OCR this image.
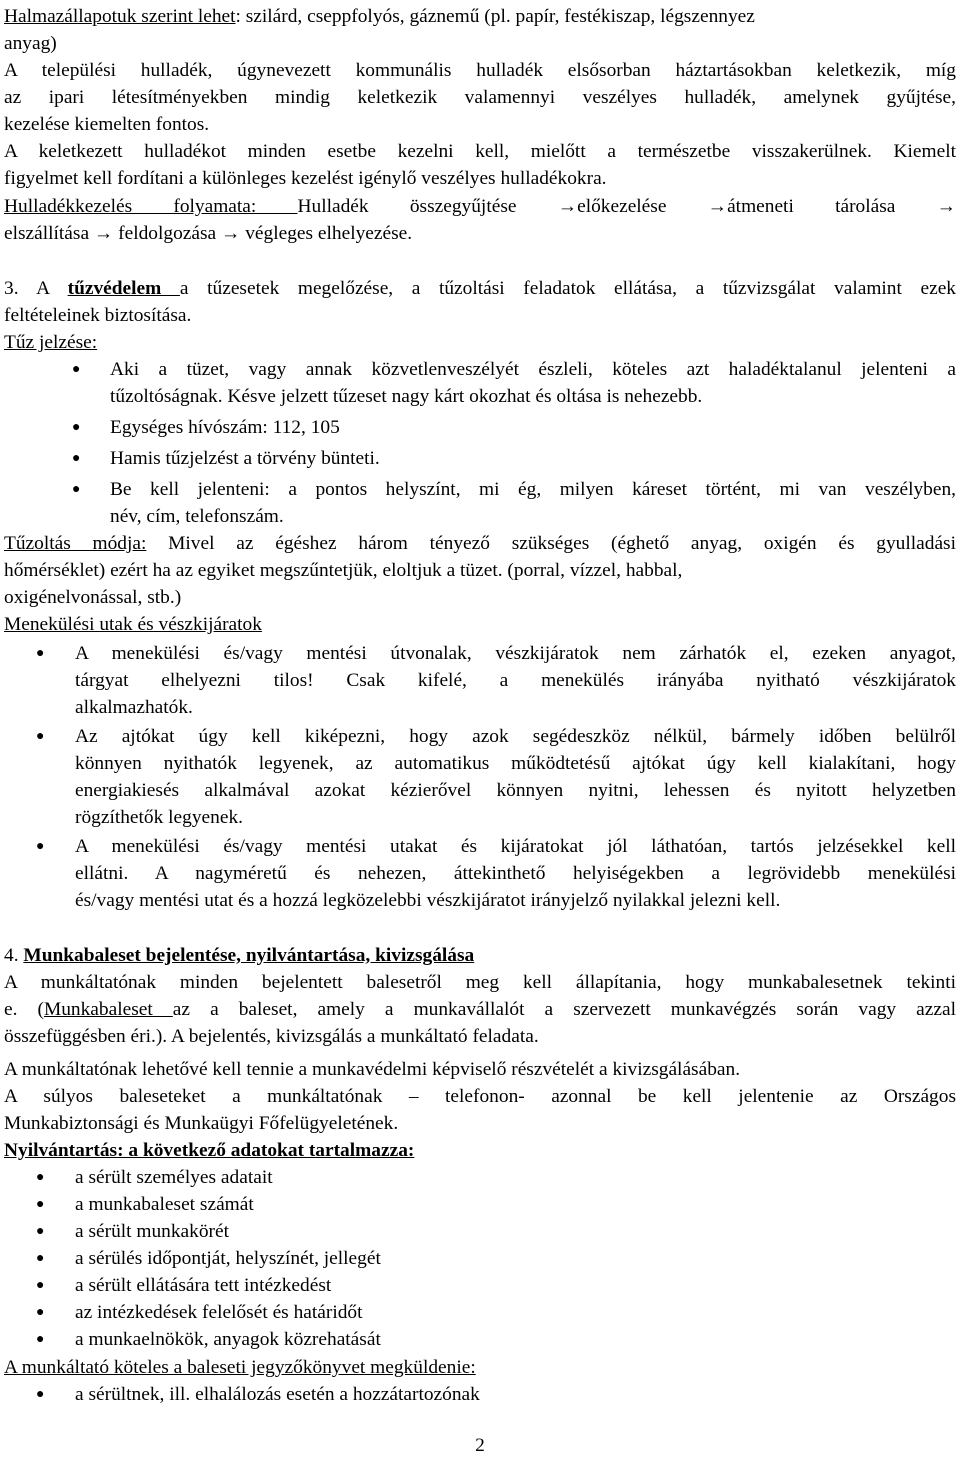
Halmazállapotuk szerint lehet: szilárd, cseppfolyós, gáznemű (pl. papír, festékiszap, légszennyez
anyag)
A települési hulladék, úgynevezett kommunális hulladék elsősorban háztartásokban keletkezik, míg
az ipari létesítményekben mindig keletkezik valamennyi veszélyes hulladék, amelynek gyűjtése,
kezelése kiemelten fontos.
A keletkezett hulladékot minden esetbe kezelni kell, mielőtt a természetbe visszakerülnek. Kiemelt
figyelmet kell fordítani a különleges kezelést igénylő veszélyes hulladékokra.
Hulladékkezelés folyamata: Hulladék összegyűjtése →előkezelése →átmeneti tárolása →
elszállítása → feldolgozása → végleges elhelyezése.
3. A tűzvédelem a tűzesetek megelőzése, a tűzoltási feladatok ellátása, a tűzvizsgálat valamint ezek
feltételeinek biztosítása.
Tűz jelzése:
Aki a tüzet, vagy annak közvetlenveszélyét észleli, köteles azt haladéktalanul jelenteni a
●
tűzoltóságnak. Késve jelzett tűzeset nagy kárt okozhat és oltása is nehezebb.
Egységes hívószám: 112, 105
●
Hamis tűzjelzést a törvény bünteti.
●
Be kell jelenteni: a pontos helyszínt, mi ég, milyen káreset történt, mi van veszélyben,
●
név, cím, telefonszám.
Tűzoltás módja: Mivel az égéshez három tényező szükséges (éghető anyag, oxigén és gyulladási
hőmérséklet) ezért ha az egyiket megszűntetjük, eloltjuk a tüzet. (porral, vízzel, habbal,
oxigénelvonással, stb.)
Menekülési utak és vészkijáratok
A menekülési és/vagy mentési útvonalak, vészkijáratok nem zárhatók el, ezeken anyagot,
●
tárgyat elhelyezni tilos! Csak kifelé, a menekülés irányába nyitható vészkijáratok
alkalmazhatók.
Az ajtókat úgy kell kiképezni, hogy azok segédeszköz nélkül, bármely időben belülről
●
könnyen nyithatók legyenek, az automatikus működtetésű ajtókat úgy kell kialakítani, hogy
energiakiesés alkalmával azokat kézierővel könnyen nyitni, lehessen és nyitott helyzetben
rögzíthetők legyenek.
A menekülési és/vagy mentési utakat és kijáratokat jól láthatóan, tartós jelzésekkel kell
●
ellátni. A nagyméretű és nehezen, áttekinthető helyiségekben a legrövidebb menekülési
és/vagy mentési utat és a hozzá legközelebbi vészkijáratot irányjelző nyilakkal jelezni kell.
4. Munkabaleset bejelentése, nyilvántartása, kivizsgálása
A munkáltatónak minden bejelentett balesetről meg kell állapítania, hogy munkabalesetnek tekinti
e. (Munkabaleset az a baleset, amely a munkavállalót a szervezett munkavégzés során vagy azzal
összefüggésben éri.). A bejelentés, kivizsgálás a munkáltató feladata.
A munkáltatónak lehetővé kell tennie a munkavédelmi képviselő részvételét a kivizsgálásában.
A súlyos baleseteket a munkáltatónak – telefonon- azonnal be kell jelentenie az Országos
Munkabiztonsági és Munkaügyi Főfelügyeletének.
Nyilvántartás: a következő adatokat tartalmazza:
a sérült személyes adatait
●
a munkabaleset számát
●
a sérült munkakörét
●
a sérülés időpontját, helyszínét, jellegét
●
a sérült ellátására tett intézkedést
●
az intézkedések felelősét és határidőt
●
a munkaelnökök, anyagok közrehatását
●
A munkáltató köteles a baleseti jegyzőkönyvet megküldenie:
a sérültnek, ill. elhalálozás esetén a hozzátartozónak
●
2
